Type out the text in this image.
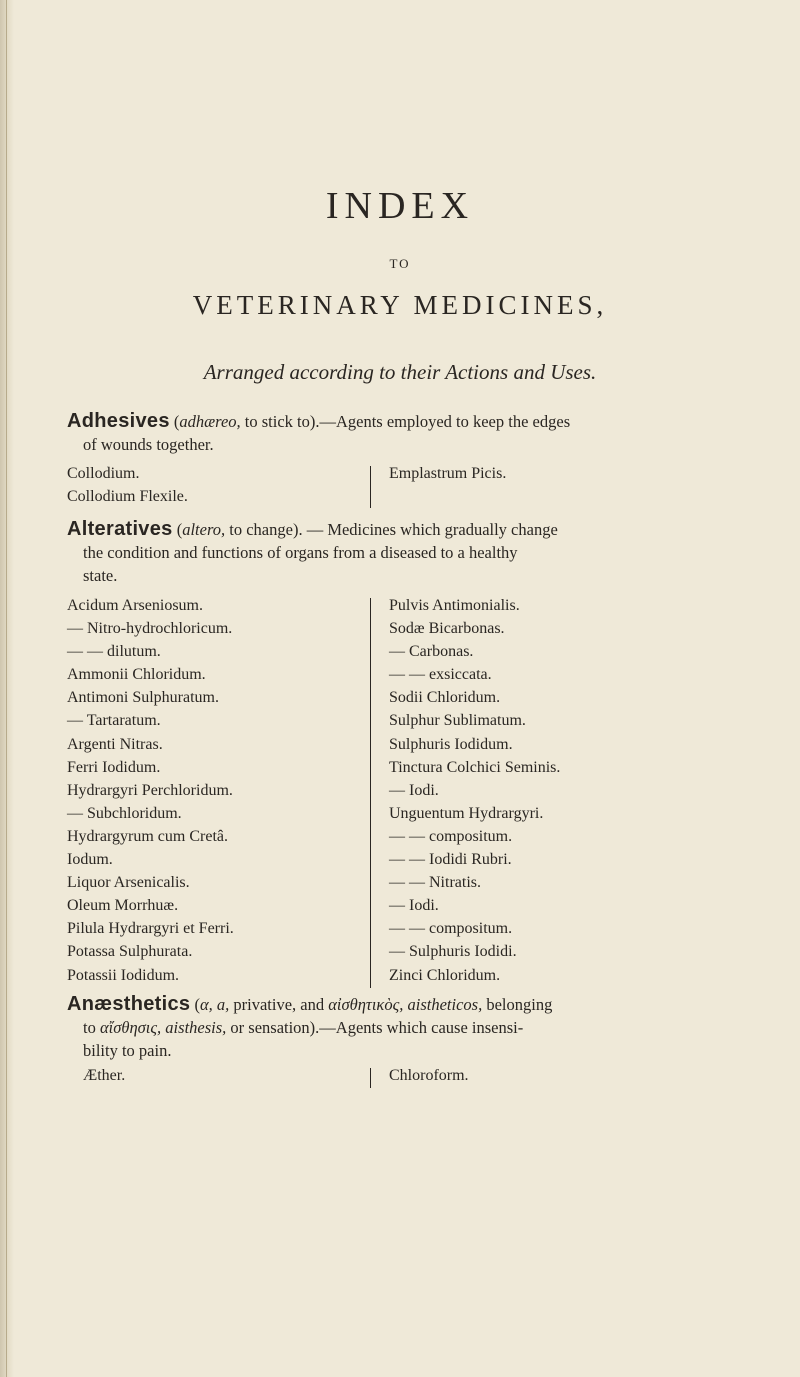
INDEX
TO
VETERINARY MEDICINES,
Arranged according to their Actions and Uses.
Adhesives (adhæreo, to stick to).—Agents employed to keep the edges
of wounds together.
Collodium.
Collodium Flexile.
Emplastrum Picis.
Alteratives (altero, to change). — Medicines which gradually change
the condition and functions of organs from a diseased to a healthy
state.
Acidum Arseniosum.
— Nitro-hydrochloricum.
— — dilutum.
Ammonii Chloridum.
Antimoni Sulphuratum.
— Tartaratum.
Argenti Nitras.
Ferri Iodidum.
Hydrargyri Perchloridum.
— Subchloridum.
Hydrargyrum cum Cretâ.
Iodum.
Liquor Arsenicalis.
Oleum Morrhuæ.
Pilula Hydrargyri et Ferri.
Potassa Sulphurata.
Potassii Iodidum.
Pulvis Antimonialis.
Sodæ Bicarbonas.
— Carbonas.
— — exsiccata.
Sodii Chloridum.
Sulphur Sublimatum.
Sulphuris Iodidum.
Tinctura Colchici Seminis.
— Iodi.
Unguentum Hydrargyri.
— — compositum.
— — Iodidi Rubri.
— — Nitratis.
— Iodi.
— — compositum.
— Sulphuris Iodidi.
Zinci Chloridum.
Anæsthetics (α, a, privative, and αἰσθητικὸς, aistheticos, belonging
to αἴσθησις, aisthesis, or sensation).—Agents which cause insensi-
bility to pain.
Æther.	Chloroform.
